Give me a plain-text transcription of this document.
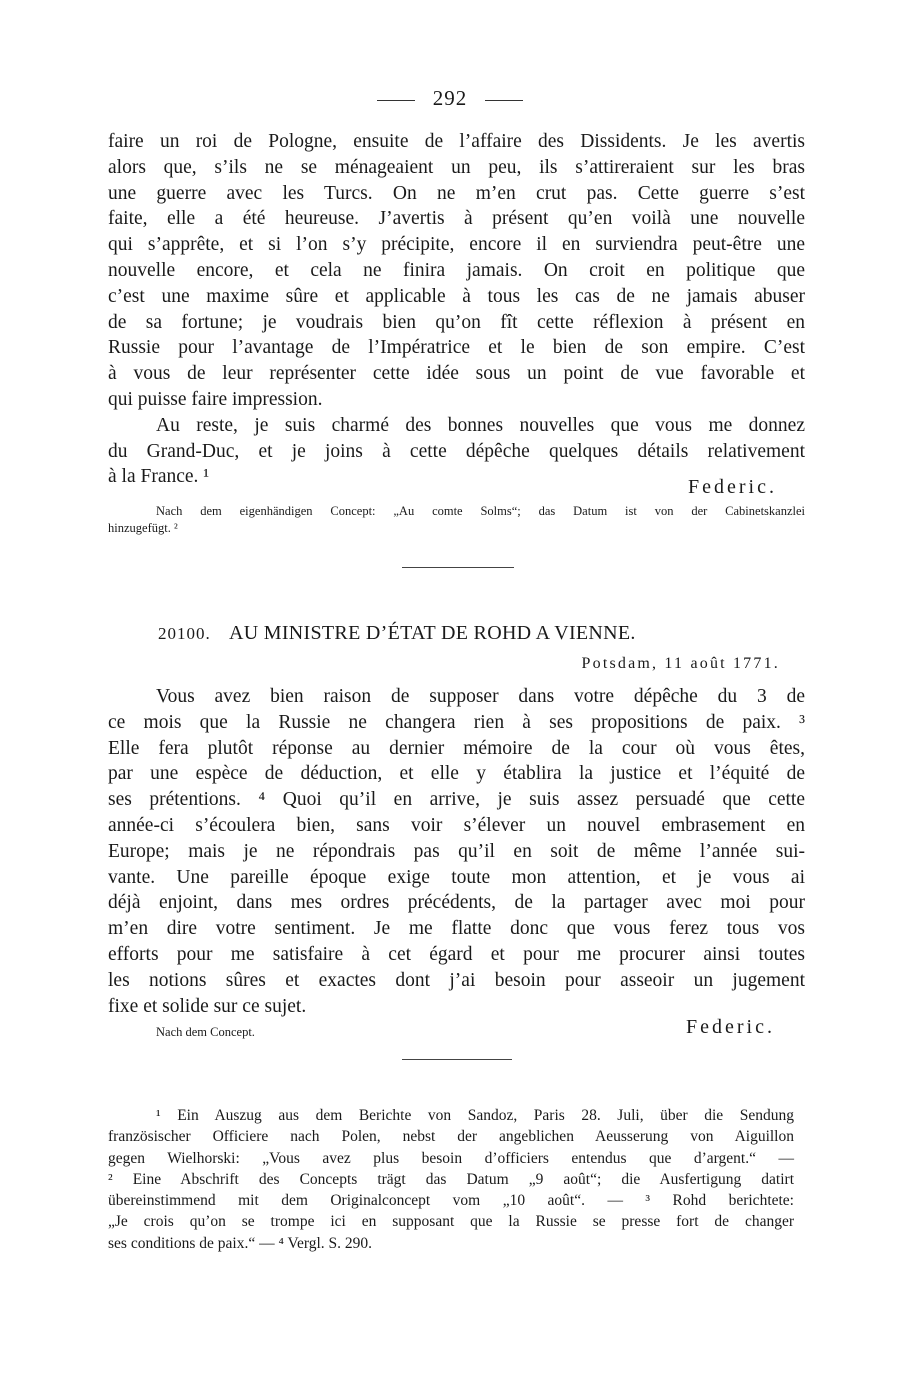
292
faire un roi de Pologne, ensuite de l’affaire des Dissidents. Je les avertis
alors que, s’ils ne se ménageaient un peu, ils s’attireraient sur les bras
une guerre avec les Turcs. On ne m’en crut pas. Cette guerre s’est
faite, elle a été heureuse. J’avertis à présent qu’en voilà une nouvelle
qui s’apprête, et si l’on s’y précipite, encore il en surviendra peut-être une
nouvelle encore, et cela ne finira jamais. On croit en politique que
c’est une maxime sûre et applicable à tous les cas de ne jamais abuser
de sa fortune; je voudrais bien qu’on fît cette réflexion à présent en
Russie pour l’avantage de l’Impératrice et le bien de son empire. C’est
à vous de leur représenter cette idée sous un point de vue favorable et
qui puisse faire impression.
Au reste, je suis charmé des bonnes nouvelles que vous me donnez
du Grand-Duc, et je joins à cette dépêche quelques détails relativement
à la France. ¹	Federic.
Nach dem eigenhändigen Concept: „Au comte Solms“; das Datum ist von der Cabinetskanzlei
hinzugefügt. ²
20100. AU MINISTRE D’ÉTAT DE ROHD A VIENNE.
Potsdam, 11 août 1771.
Vous avez bien raison de supposer dans votre dépêche du 3 de
ce mois que la Russie ne changera rien à ses propositions de paix. ³
Elle fera plutôt réponse au dernier mémoire de la cour où vous êtes,
par une espèce de déduction, et elle y établira la justice et l’équité de
ses prétentions. ⁴ Quoi qu’il en arrive, je suis assez persuadé que cette
année-ci s’écoulera bien, sans voir s’élever un nouvel embrasement en
Europe; mais je ne répondrais pas qu’il en soit de même l’année sui-
vante. Une pareille époque exige toute mon attention, et je vous ai
déjà enjoint, dans mes ordres précédents, de la partager avec moi pour
m’en dire votre sentiment. Je me flatte donc que vous ferez tous vos
efforts pour me satisfaire à cet égard et pour me procurer ainsi toutes
les notions sûres et exactes dont j’ai besoin pour asseoir un jugement
fixe et solide sur ce sujet.
Nach dem Concept.	Federic.
¹ Ein Auszug aus dem Berichte von Sandoz, Paris 28. Juli, über die Sendung
französischer Officiere nach Polen, nebst der angeblichen Aeusserung von Aiguillon
gegen Wielhorski: „Vous avez plus besoin d’officiers entendus que d’argent.“ —
² Eine Abschrift des Concepts trägt das Datum „9 août“; die Ausfertigung datirt
übereinstimmend mit dem Originalconcept vom „10 août“. — ³ Rohd berichtete:
„Je crois qu’on se trompe ici en supposant que la Russie se presse fort de changer
ses conditions de paix.“ — ⁴ Vergl. S. 290.
